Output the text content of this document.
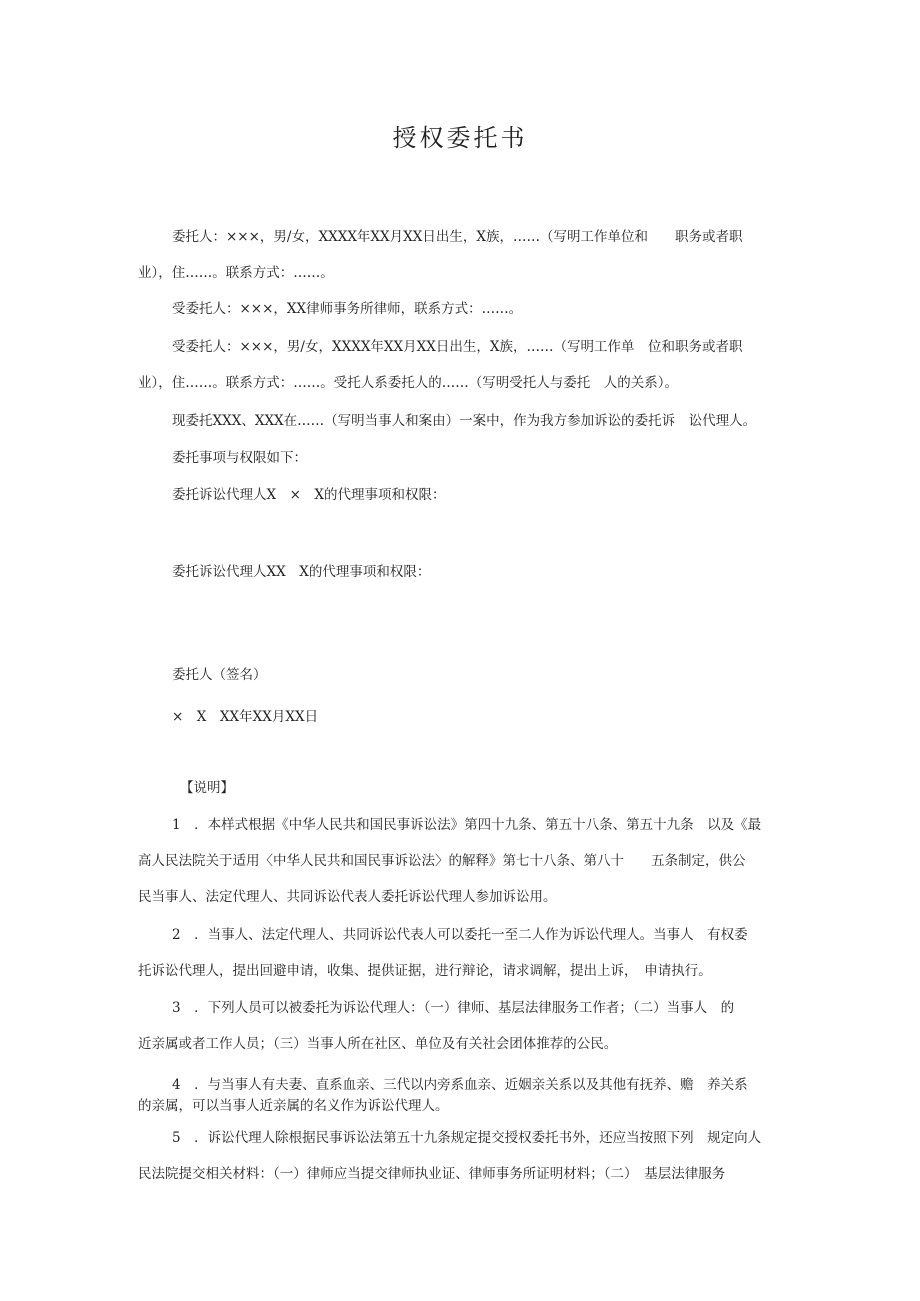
授权委托书
委托人：×××，男/女，XXXX年XX月XX日出生，X族，……（写明工作单位和　　职务或者职
业），住……。联系方式：……。
受委托人：×××，XX律师事务所律师，联系方式：……。
受委托人：×××，男/女，XXXX年XX月XX日出生，X族，……（写明工作单　位和职务或者职
业），住……。联系方式：……。受托人系委托人的……（写明受托人与委托　人的关系）。
现委托XXX、XXX在……（写明当事人和案由）一案中，作为我方参加诉讼的委托诉　讼代理人。
委托事项与权限如下：
委托诉讼代理人X　×　X的代理事项和权限：
委托诉讼代理人XX　X的代理事项和权限：
委托人（签名）
×　X　XX年XX月XX日
【说明】
1　．本样式根据《中华人民共和国民事诉讼法》第四十九条、第五十八条、第五十九条　以及《最
高人民法院关于适用〈中华人民共和国民事诉讼法〉的解释》第七十八条、第八十　　五条制定，供公
民当事人、法定代理人、共同诉讼代表人委托诉讼代理人参加诉讼用。
2　．当事人、法定代理人、共同诉讼代表人可以委托一至二人作为诉讼代理人。当事人　有权委
托诉讼代理人，提出回避申请，收集、提供证据，进行辩论，请求调解，提出上诉，　申请执行。
3　．下列人员可以被委托为诉讼代理人：（一）律师、基层法律服务工作者；（二）当事人　的
近亲属或者工作人员；（三）当事人所在社区、单位及有关社会团体推荐的公民。
4　．与当事人有夫妻、直系血亲、三代以内旁系血亲、近姻亲关系以及其他有抚养、赡　养关系
的亲属，可以当事人近亲属的名义作为诉讼代理人。
5　．诉讼代理人除根据民事诉讼法第五十九条规定提交授权委托书外，还应当按照下列　规定向人
民法院提交相关材料：（一）律师应当提交律师执业证、律师事务所证明材料；（二）　基层法律服务
